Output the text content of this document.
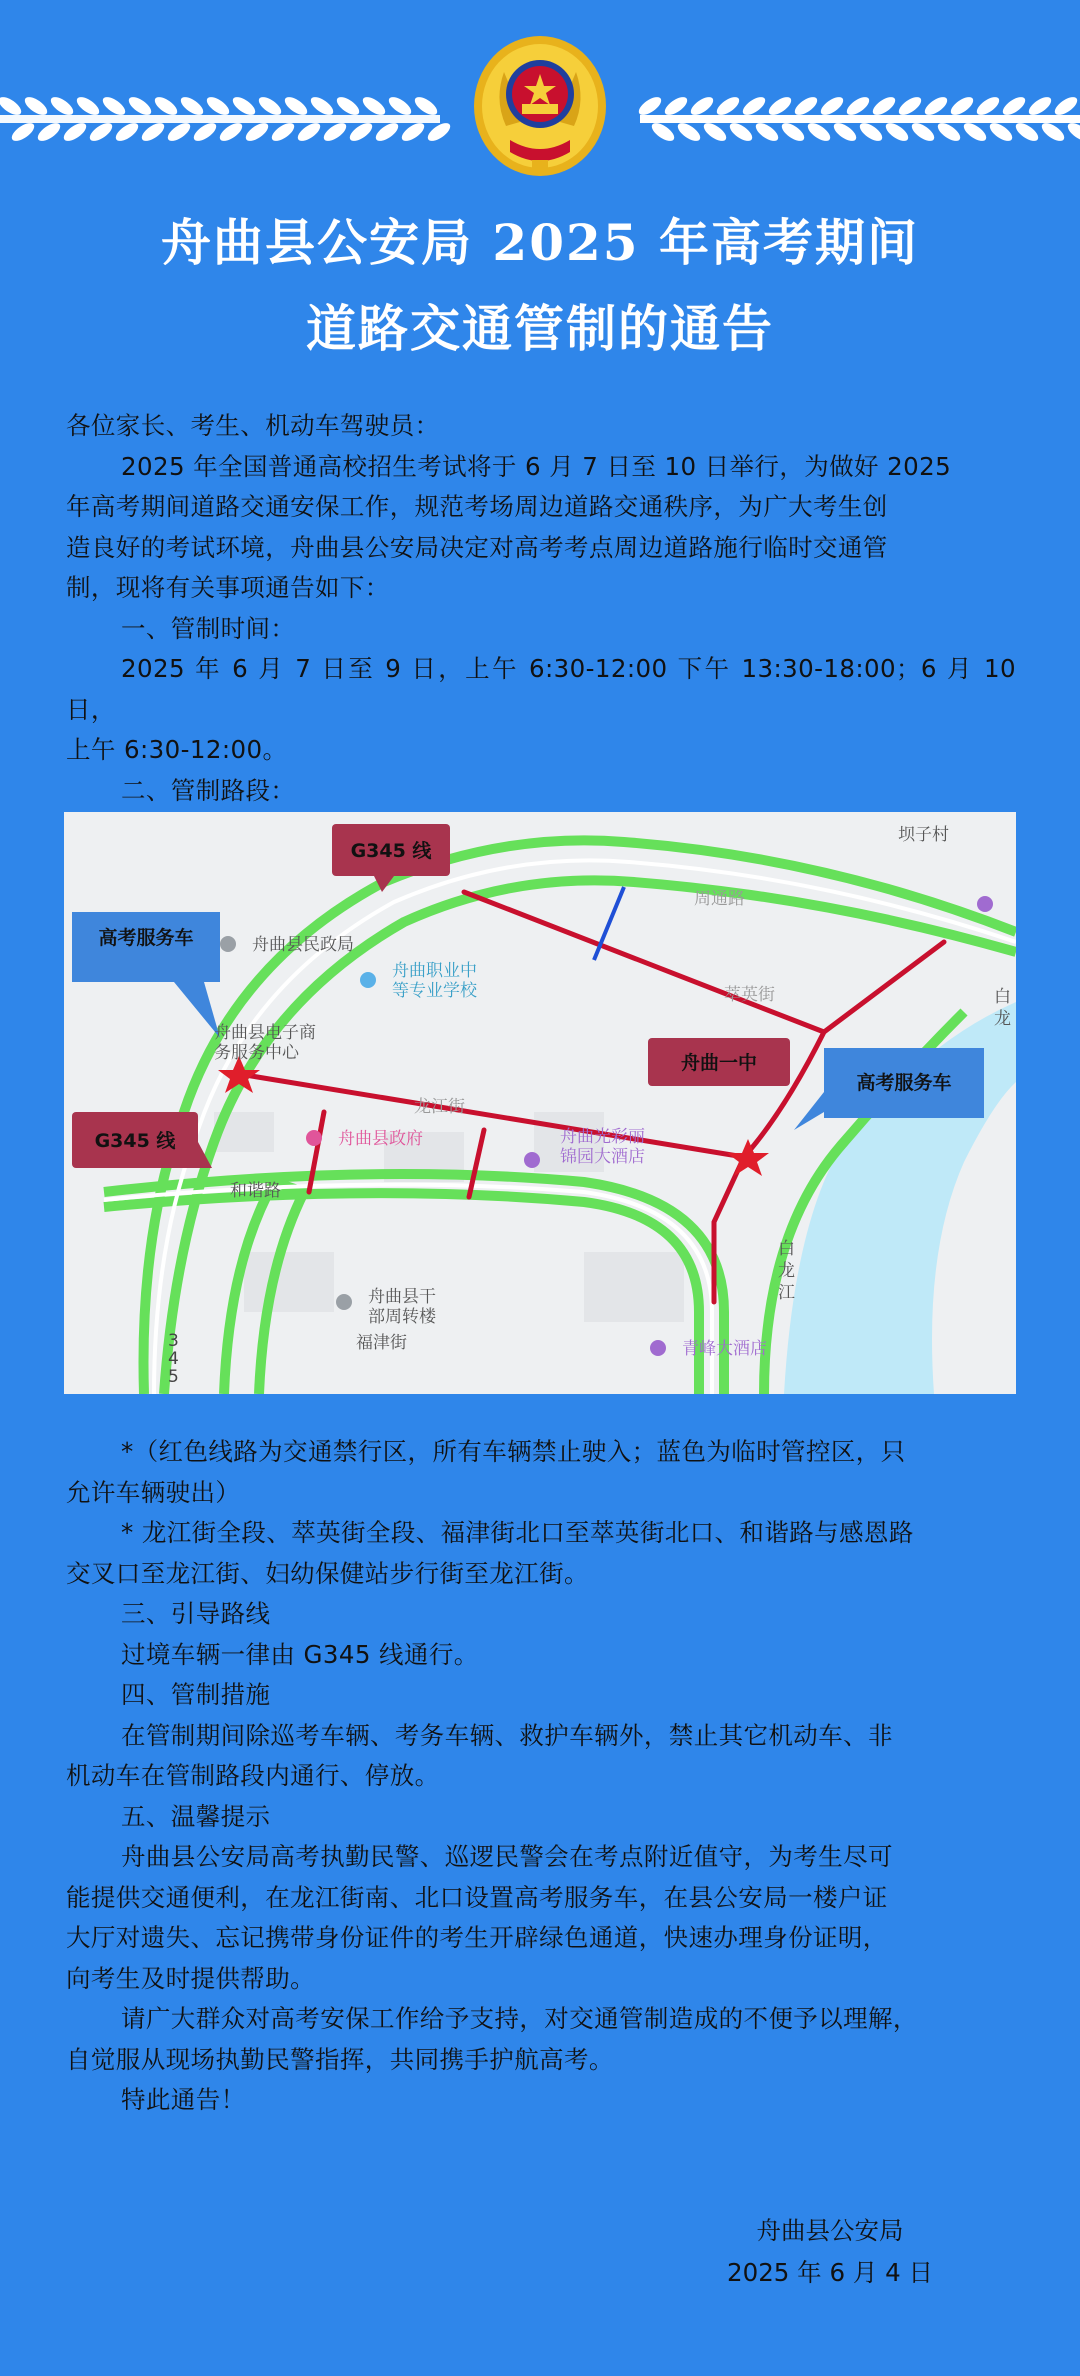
舟曲县公安局 2025 年高考期间
道路交通管制的通告
各位家长、考生、机动车驾驶员：
2025 年全国普通高校招生考试将于 6 月 7 日至 10 日举行，为做好 2025
年高考期间道路交通安保工作，规范考场周边道路交通秩序，为广大考生创
造良好的考试环境，舟曲县公安局决定对高考考点周边道路施行临时交通管
制，现将有关事项通告如下：
一、管制时间：
2025 年 6 月 7 日至 9 日，上午 6:30-12:00 下午 13:30-18:00；6 月 10 日，
上午 6:30-12:00。
二、管制路段：
G345 线
G345 线
高考服务车
舟曲一中
高考服务车
坝子村
舟曲县民政局
舟曲职业中
等专业学校
舟曲县电子商
务服务中心
舟曲县政府	舟曲光彩丽
锦园大酒店
舟曲县干
部周转楼
福津街	青峰大酒店
和谐路
龙江街
萃英街
周通路
白
龙
江
白
龙
3
4
5
*（红色线路为交通禁行区，所有车辆禁止驶入；蓝色为临时管控区，只
允许车辆驶出）
* 龙江街全段、萃英街全段、福津街北口至萃英街北口、和谐路与感恩路
交叉口至龙江街、妇幼保健站步行街至龙江街。
三、引导路线
过境车辆一律由 G345 线通行。
四、管制措施
在管制期间除巡考车辆、考务车辆、救护车辆外，禁止其它机动车、非
机动车在管制路段内通行、停放。
五、温馨提示
舟曲县公安局高考执勤民警、巡逻民警会在考点附近值守，为考生尽可
能提供交通便利，在龙江街南、北口设置高考服务车，在县公安局一楼户证
大厅对遗失、忘记携带身份证件的考生开辟绿色通道，快速办理身份证明，
向考生及时提供帮助。
请广大群众对高考安保工作给予支持，对交通管制造成的不便予以理解，
自觉服从现场执勤民警指挥，共同携手护航高考。
特此通告！
舟曲县公安局
2025 年 6 月 4 日
